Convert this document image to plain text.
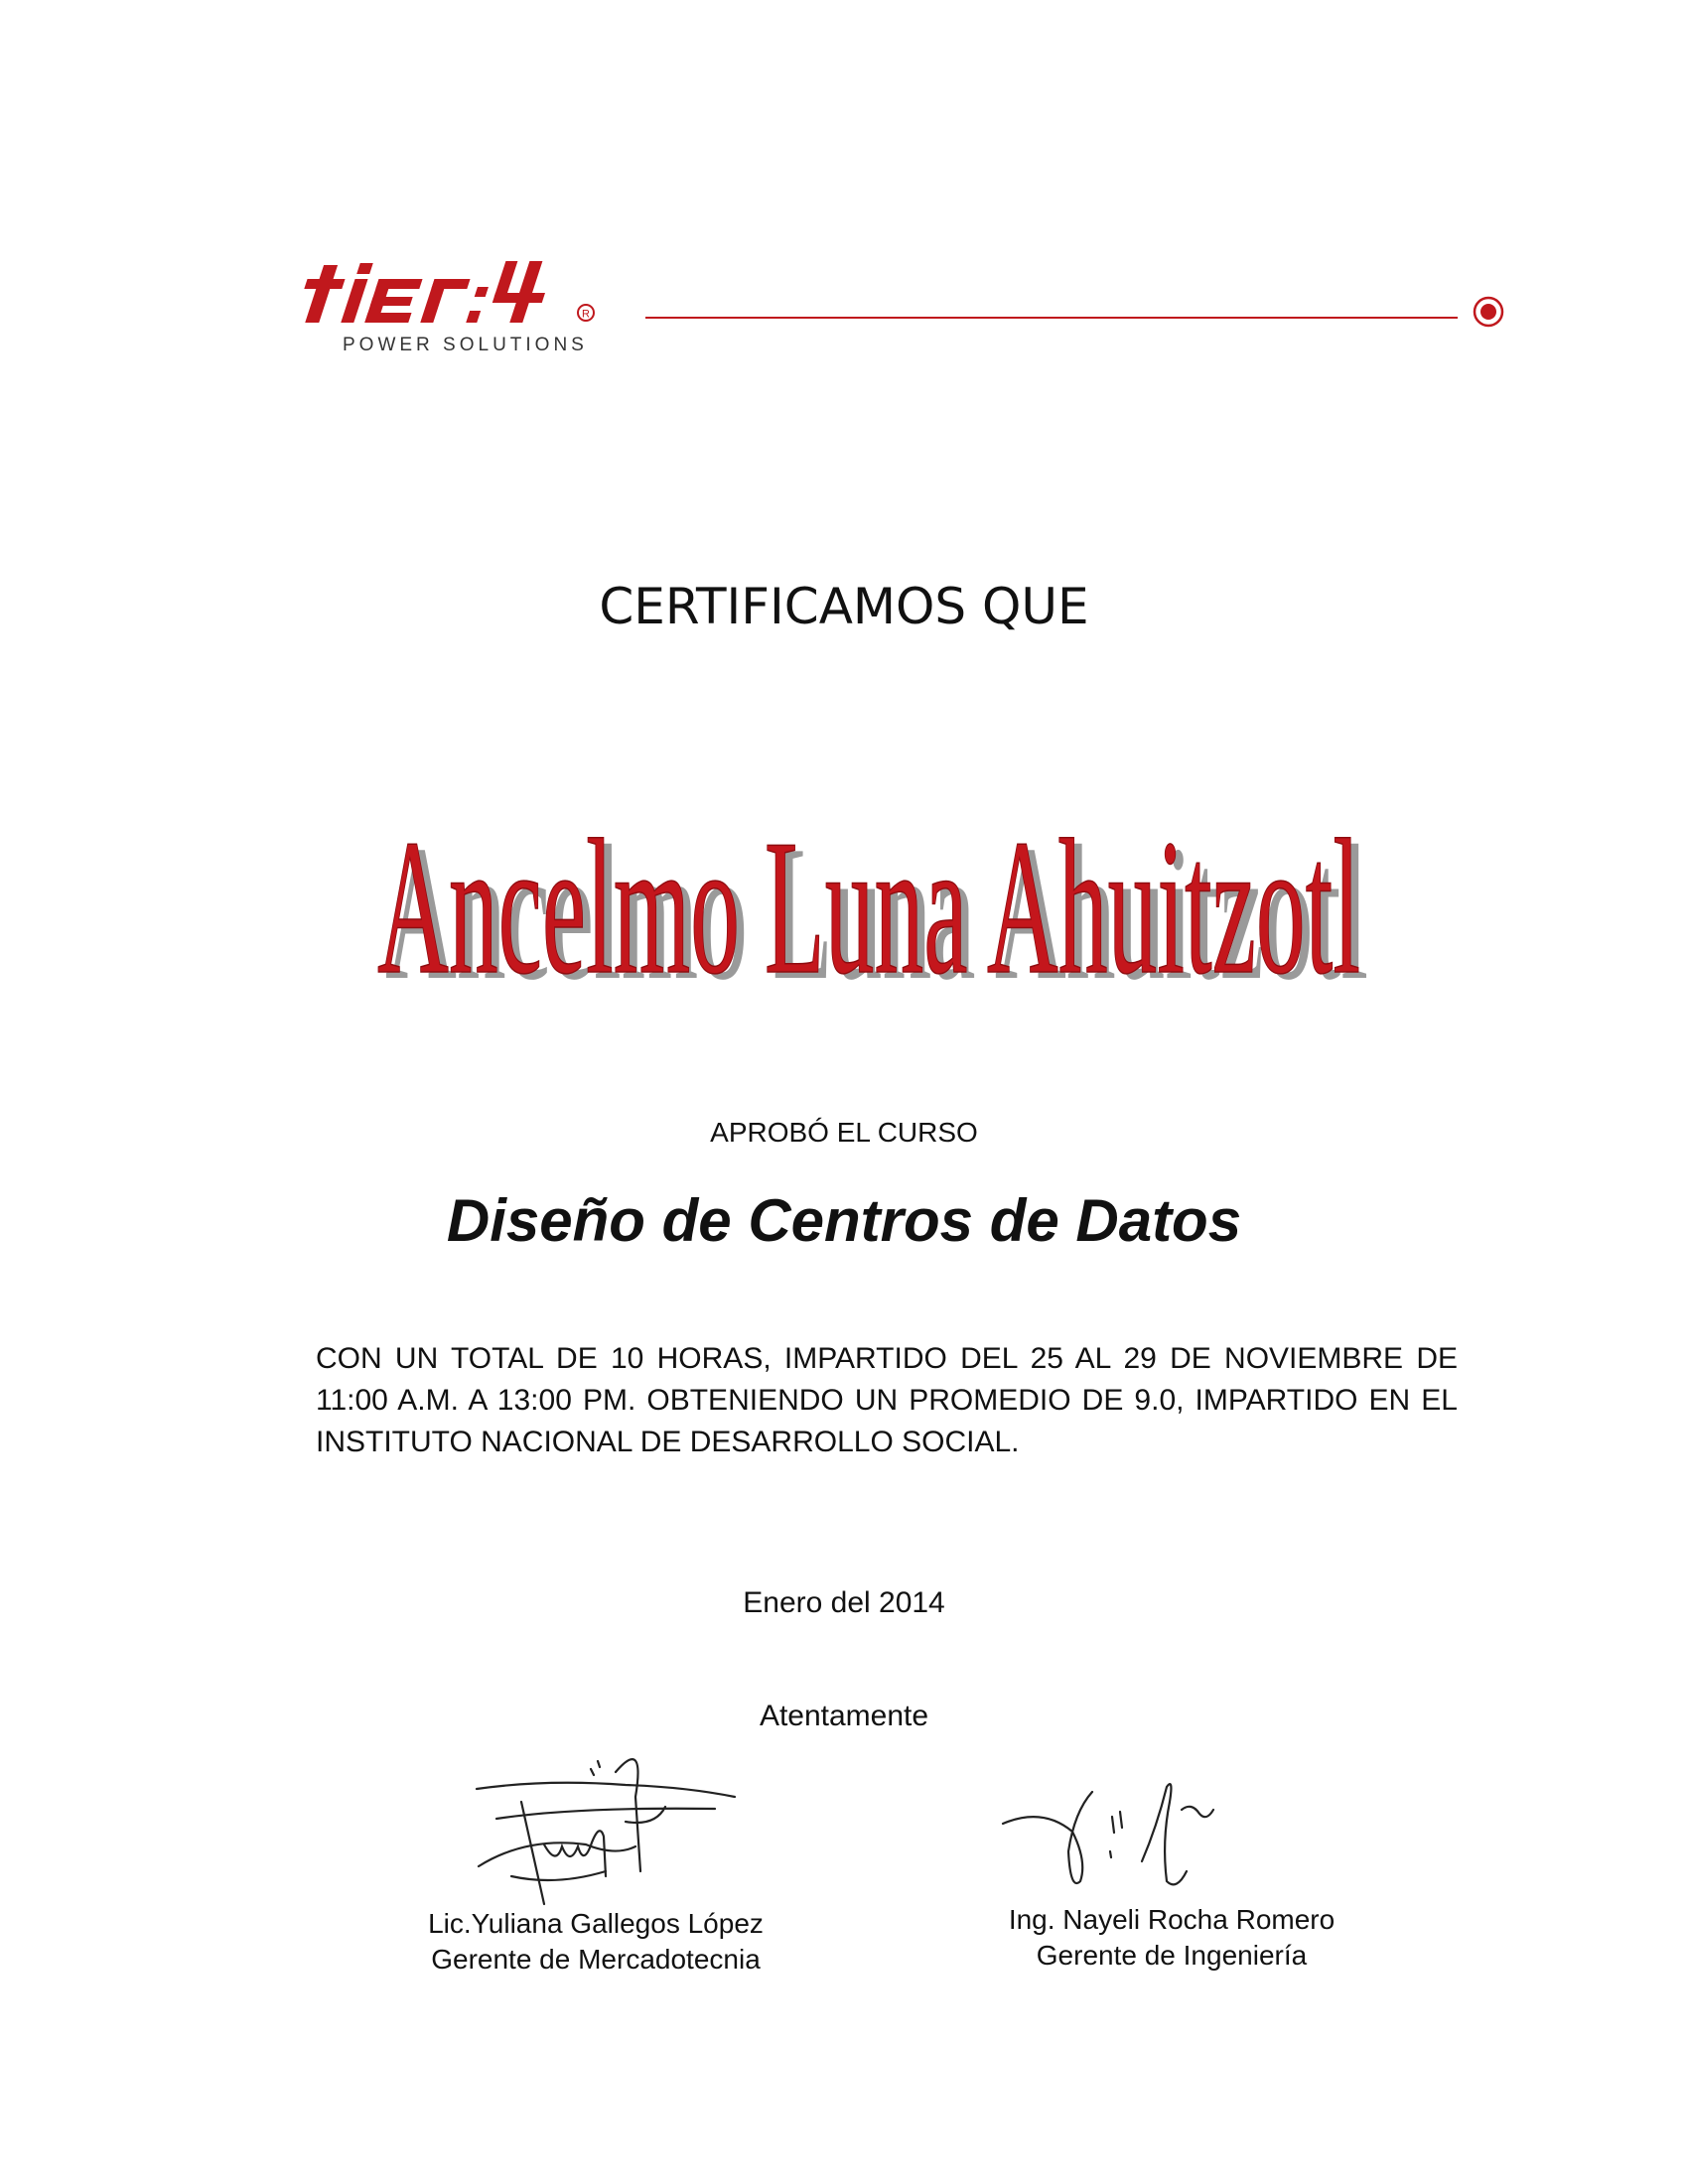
R
POWER SOLUTIONS
CERTIFICAMOS QUE
Ancelmo Luna Ahuitzotl
Ancelmo Luna Ahuitzotl
APROBÓ EL CURSO
Diseño de Centros de Datos
CON UN TOTAL DE 10 HORAS, IMPARTIDO DEL 25 AL 29 DE NOVIEMBRE DE 11:00 A.M. A 13:00 PM. OBTENIENDO UN PROMEDIO DE 9.0, IMPARTIDO EN EL INSTITUTO NACIONAL DE DESARROLLO SOCIAL.
Enero del 2014
Atentamente
Lic.Yuliana Gallegos López
Gerente de Mercadotecnia
Ing. Nayeli Rocha Romero
Gerente de Ingeniería
